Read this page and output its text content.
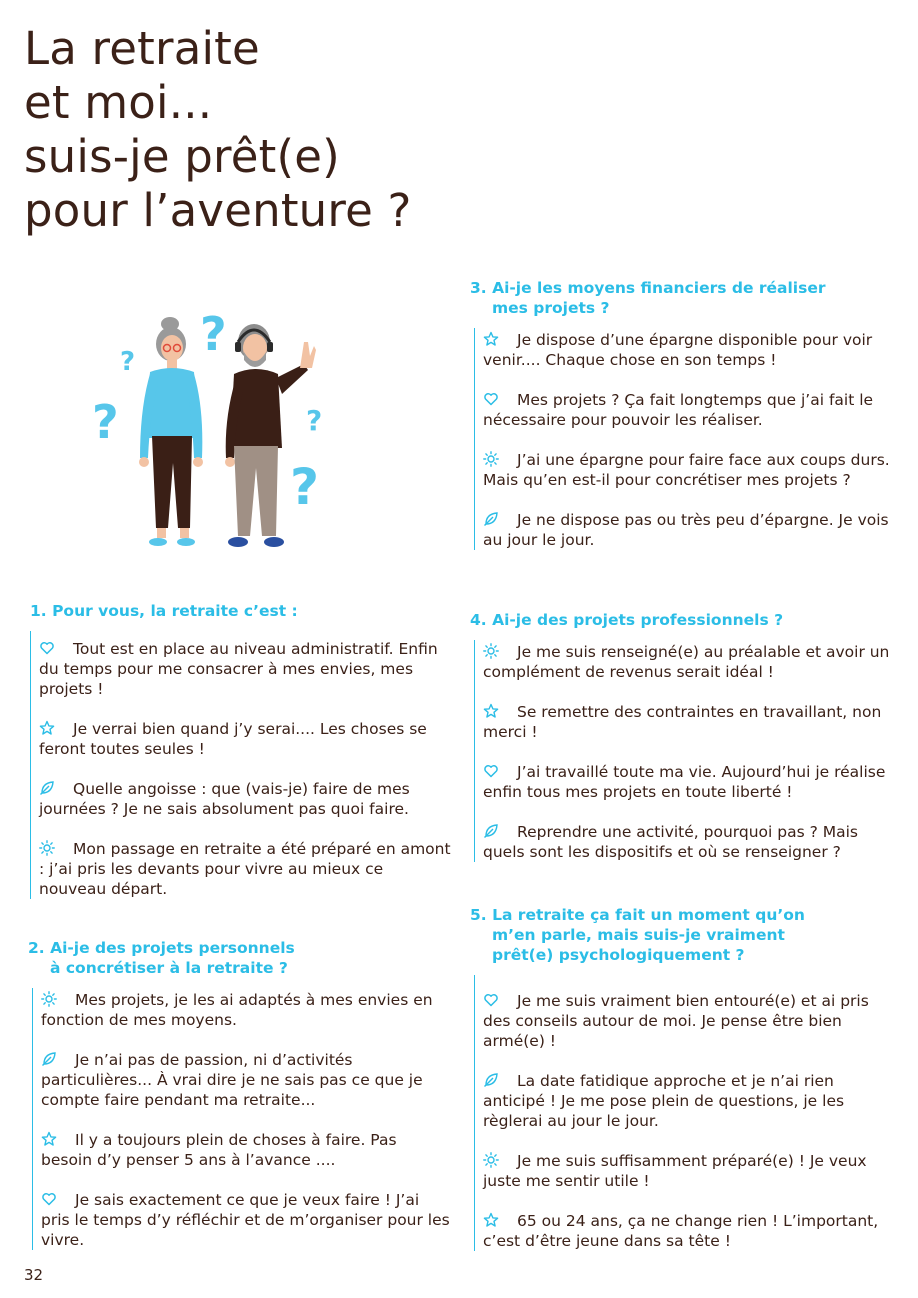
La retraite
et moi...
suis-je prêt(e)
pour l’aventure ?
?
?
?	?
?
1. Pour vous, la retraite c’est :
Tout est en place au niveau administratif. Enfin du temps pour me consacrer à mes envies, mes projets !
Je verrai bien quand j’y serai.... Les choses se feront toutes seules !
Quelle angoisse : que (vais-je) faire de mes journées ? Je ne sais absolument pas quoi faire.
Mon passage en retraite a été préparé en amont : j’ai pris les devants pour vivre au mieux ce nouveau départ.
2. Ai-je des projets personnels
à concrétiser à la retraite ?
Mes projets, je les ai adaptés à mes envies en fonction de mes moyens.
Je n’ai pas de passion, ni d’activités particulières... À vrai dire je ne sais pas ce que je compte faire pendant ma retraite...
Il y a toujours plein de choses à faire. Pas besoin d’y penser 5 ans à l’avance ....
Je sais exactement ce que je veux faire ! J’ai pris le temps d’y réfléchir et de m’organiser pour les vivre.
3. Ai-je les moyens financiers de réaliser
mes projets ?
Je dispose d’une épargne disponible pour voir venir.... Chaque chose en son temps !
Mes projets ? Ça fait longtemps que j’ai fait le nécessaire pour pouvoir les réaliser.
J’ai une épargne pour faire face aux coups durs. Mais qu’en est-il pour concrétiser mes projets ?
Je ne dispose pas ou très peu d’épargne. Je vois au jour le jour.
4. Ai-je des projets professionnels ?
Je me suis renseigné(e) au préalable et avoir un complément de revenus serait idéal !
Se remettre des contraintes en travaillant, non merci !
J’ai travaillé toute ma vie. Aujourd’hui je réalise enfin tous mes projets en toute liberté !
Reprendre une activité, pourquoi pas ? Mais quels sont les dispositifs et où se renseigner ?
5. La retraite ça fait un moment qu’on
m’en parle, mais suis-je vraiment
prêt(e) psychologiquement ?
Je me suis vraiment bien entouré(e) et ai pris des conseils autour de moi. Je pense être bien armé(e) !
La date fatidique approche et je n’ai rien anticipé ! Je me pose plein de questions, je les règlerai au jour le jour.
Je me suis suffisamment préparé(e) ! Je veux juste me sentir utile !
65 ou 24 ans, ça ne change rien ! L’important, c’est d’être jeune dans sa tête !
32
